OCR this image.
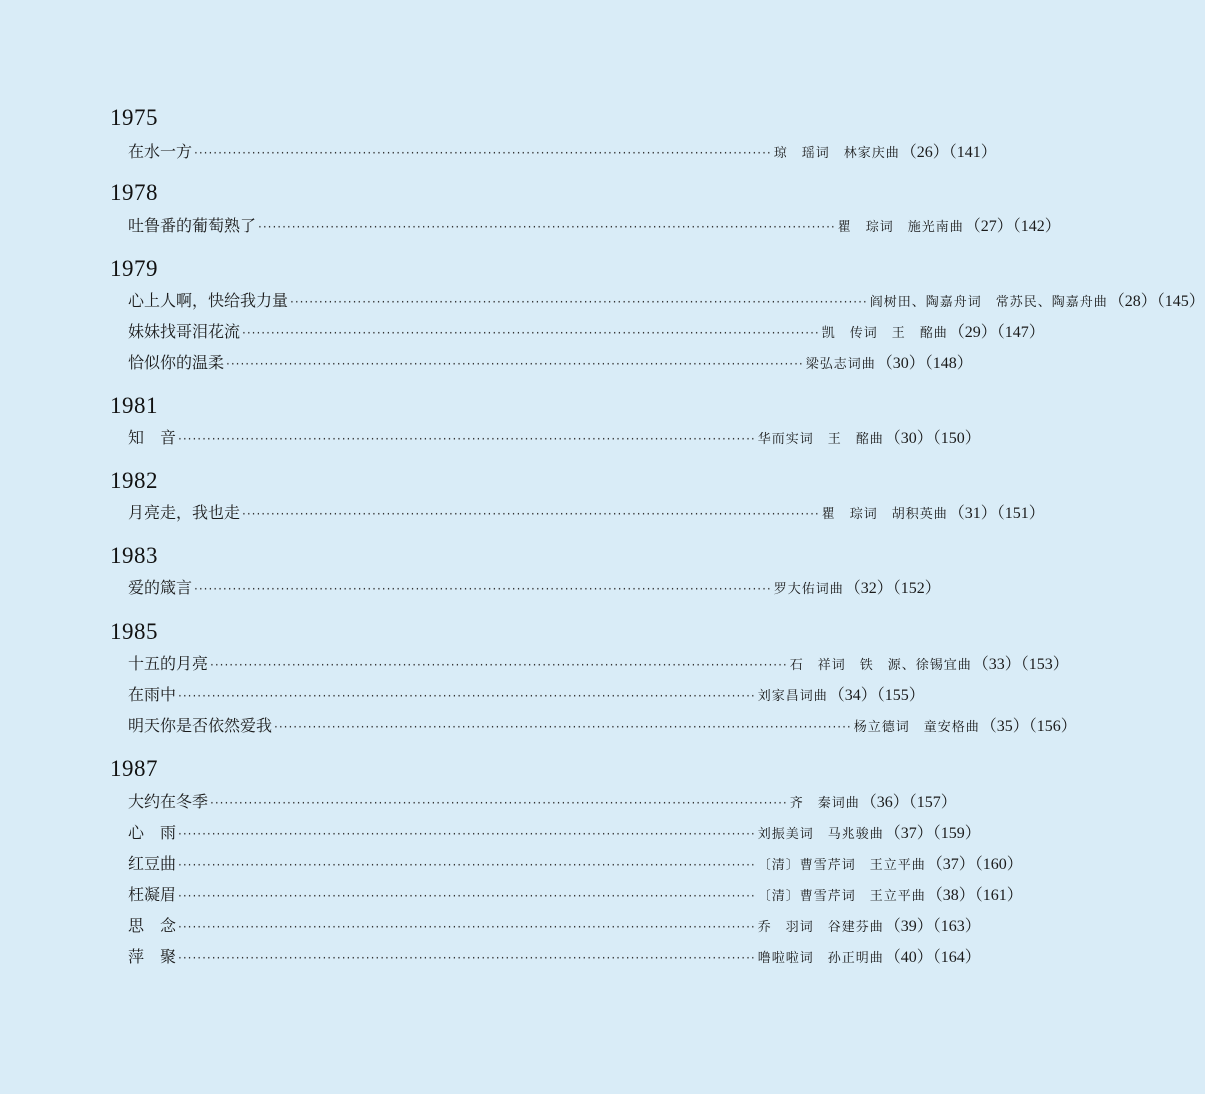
1975
在水一方 ························································································································ 琼　瑶词　林家庆曲 （26）（141）
1978
吐鲁番的葡萄熟了 ························································································································ 瞿　琮词　施光南曲 （27）（142）
1979
心上人啊，快给我力量 ························································································································ 阎树田、陶嘉舟词　常苏民、陶嘉舟曲 （28）（145）
妹妹找哥泪花流 ························································································································ 凯　传词　王　酩曲 （29）（147）
恰似你的温柔 ························································································································ 梁弘志词曲 （30）（148）
1981
知　音 ························································································································ 华而实词　王　酩曲 （30）（150）
1982
月亮走，我也走 ························································································································ 瞿　琮词　胡积英曲 （31）（151）
1983
爱的箴言 ························································································································ 罗大佑词曲 （32）（152）
1985
十五的月亮 ························································································································ 石　祥词　铁　源、徐锡宜曲 （33）（153）
在雨中 ························································································································ 刘家昌词曲 （34）（155）
明天你是否依然爱我 ························································································································ 杨立德词　童安格曲 （35）（156）
1987
大约在冬季 ························································································································ 齐　秦词曲 （36）（157）
心　雨 ························································································································ 刘振美词　马兆骏曲 （37）（159）
红豆曲 ························································································································ 〔清〕曹雪芹词　王立平曲 （37）（160）
枉凝眉 ························································································································ 〔清〕曹雪芹词　王立平曲 （38）（161）
思　念 ························································································································ 乔　羽词　谷建芬曲 （39）（163）
萍　聚 ························································································································ 噜啦啦词　孙正明曲 （40）（164）
